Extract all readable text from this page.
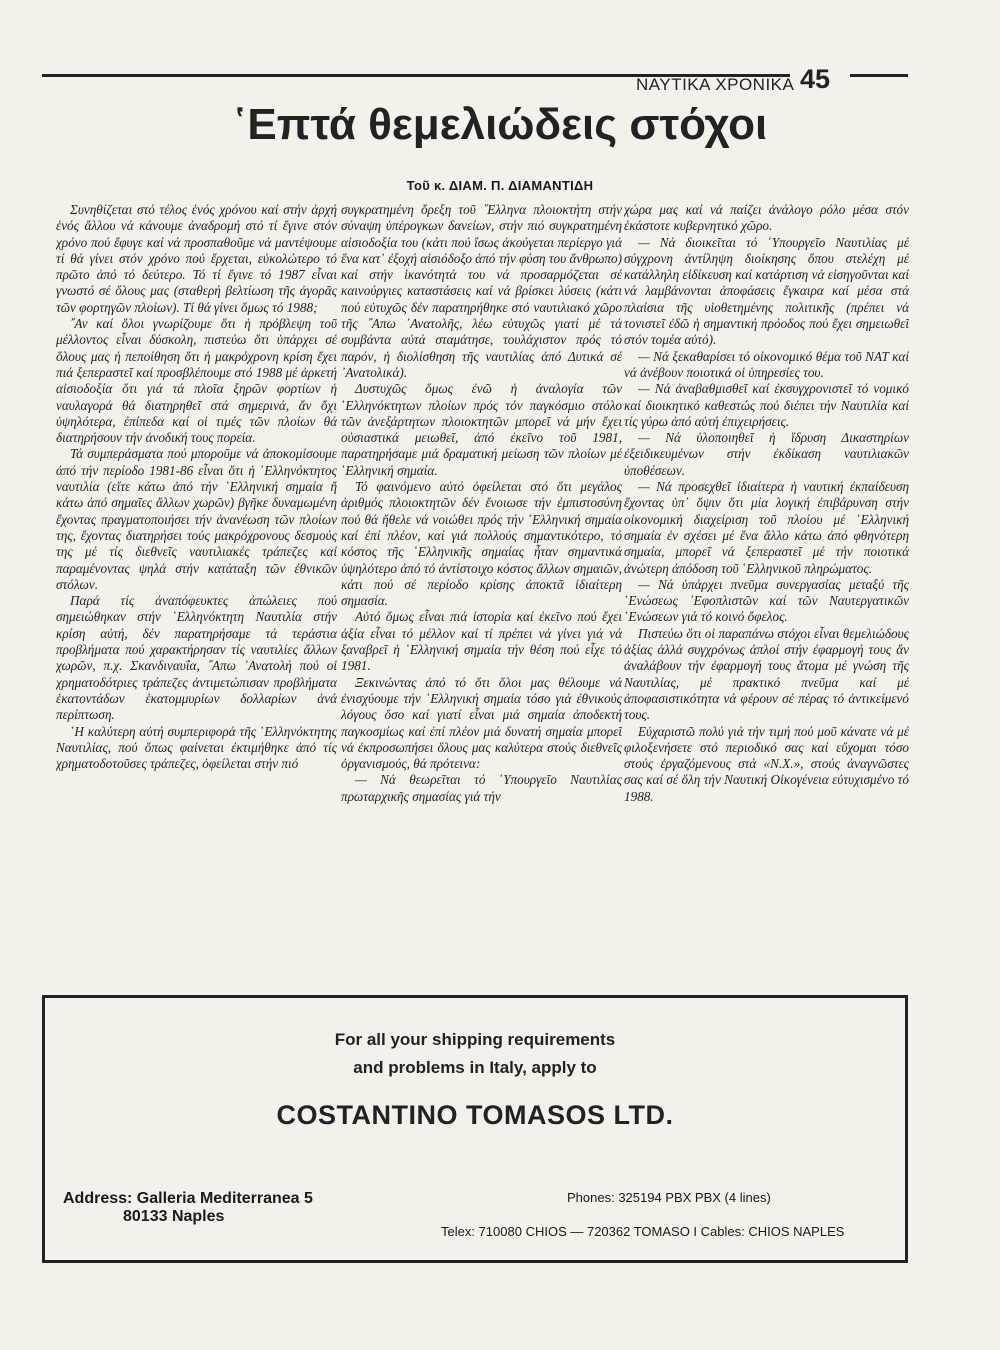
ΝΑΥΤΙΚΑ ΧΡΟΝΙΚΑ 45
῾Επτά θεμελιώδεις στόχοι
Τοῦ κ. ΔΙΑΜ. Π. ΔΙΑΜΑΝΤΙΔΗ

Συνηθίζεται στό τέλος ἑνός χρόνου καί στήν ἀρχή ἑνός ἄλλου νά κάνουμε ἀναδρομή στό τί ἔγινε στόν χρόνο πού ἔφυγε καί νά προσπαθοῦμε νά μαντέψουμε τί θά γίνει στόν χρόνο πού ἔρχεται, εὐκολώτερο τό πρῶτο ἀπό τό δεύτερο. Τό τί ἔγινε τό 1987 εἶναι γνωστό σέ ὅλους μας (σταθερή βελτίωση τῆς ἀγορᾶς τῶν φορτηγῶν πλοίων). Τί θά γίνει ὅμως τό 1988;

῎Αν καί ὅλοι γνωρίζουμε ὅτι ἡ πρόβλεψη τοῦ μέλλοντος εἶναι δύσκολη, πιστεύω ὅτι ὑπάρχει σέ ὅλους μας ἡ πεποίθηση ὅτι ἡ μακρόχρονη κρίση ἔχει πιά ξεπεραστεῖ καί προσβλέπουμε στό 1988 μέ ἀρκετή αἰσιοδοξία ὅτι γιά τά πλοῖα ξηρῶν φορτίων ἡ ναυλαγορά θά διατηρηθεῖ στά σημερινά, ἄν ὄχι ὑψηλότερα, ἐπίπεδα καί οἱ τιμές τῶν πλοίων θά διατηρήσουν τήν ἀνοδική τους πορεία.

Τά συμπεράσματα πού μποροῦμε νά ἀποκομίσουμε ἀπό τήν περίοδο 1981-86 εἶναι ὅτι ἡ ῾Ελληνόκτητος ναυτιλία (εἴτε κάτω ἀπό τήν ῾Ελληνική σημαία ἤ κάτω ἀπό σημαῖες ἄλλων χωρῶν) βγῆκε δυναμωμένη ἔχοντας πραγματοποιήσει τήν ἀνανέωση τῶν πλοίων της, ἔχοντας διατηρήσει τούς μακρόχρονους δεσμούς της μέ τίς διεθνεῖς ναυτιλιακές τράπεζες καί παραμένοντας ψηλά στήν κατάταξη τῶν ἐθνικῶν στόλων.

Παρά τίς ἀναπόφευκτες ἀπώλειες πού σημειώθηκαν στήν ῾Ελληνόκτητη Ναυτιλία στήν κρίση αὐτή, δέν παρατηρήσαμε τά τεράστια προβλήματα πού χαρακτήρησαν τίς ναυτιλίες ἄλλων χωρῶν, π.χ. Σκανδιναυΐα, ῎Απω ᾿Ανατολή πού οἱ χρηματοδότριες τράπεζες ἀντιμετώπισαν προβλήματα ἑκατοντάδων ἑκατομμυρίων δολλαρίων ἀνά περίπτωση.

῾Η καλύτερη αὐτή συμπεριφορά τῆς ῾Ελληνόκτητης Ναυτιλίας, πού ὅπως φαίνεται ἐκτιμήθηκε ἀπό τίς χρηματοδοτοῦσες τράπεζες, ὀφείλεται στήν πιό

συγκρατημένη ὄρεξη τοῦ ῞Ελληνα πλοιοκτήτη στήν σύναψη ὑπέρογκων δανείων, στήν πιό συγκρατημένη αἰσιοδοξία του (κάτι πού ἴσως ἀκούγεται περίεργο γιά ἕνα κατ᾿ ἐξοχή αἰσιόδοξο ἀπό τήν φύση του ἄνθρωπο) καί στήν ἱκανότητά του νά προσαρμόζεται σέ καινούργιες καταστάσεις καί νά βρίσκει λύσεις (κάτι πού εὐτυχῶς δέν παρατηρήθηκε στό ναυτιλιακό χῶρο τῆς ῎Απω ᾿Ανατολῆς, λέω εὐτυχῶς γιατί μέ τά συμβάντα αὐτά σταμάτησε, τουλάχιστον πρός τό παρόν, ἡ διολίσθηση τῆς ναυτιλίας ἀπό Δυτικά σέ ᾿Ανατολικά).

Δυστυχῶς ὅμως ἐνῶ ἡ ἀναλογία τῶν ῾Ελληνόκτητων πλοίων πρός τόν παγκόσμιο στόλο τῶν ἀνεξάρτητων πλοιοκτητῶν μπορεῖ νά μήν ἔχει οὐσιαστικά μειωθεῖ, ἀπό ἐκεῖνο τοῦ 1981, παρατηρήσαμε μιά δραματική μείωση τῶν πλοίων μέ ῾Ελληνική σημαία.

Τό φαινόμενο αὐτό ὀφείλεται στό ὅτι μεγάλος ἀριθμός πλοιοκτητῶν δέν ἔνοιωσε τήν ἐμπιστοσύνη πού θά ἤθελε νά νοιώθει πρός τήν ῾Ελληνική σημαία καί ἐπί πλέον, καί γιά πολλούς σημαντικότερο, τό κόστος τῆς ῾Ελληνικῆς σημαίας ἦταν σημαντικά ὑψηλότερο ἀπό τό ἀντίστοιχο κόστος ἄλλων σημαιῶν, κάτι πού σέ περίοδο κρίσης ἀποκτᾶ ἰδιαίτερη σημασία.

Αὐτό ὅμως εἶναι πιά ἱστορία καί ἐκεῖνο πού ἔχει ἀξία εἶναι τό μέλλον καί τί πρέπει νά γίνει γιά νά ξαναβρεῖ ἡ ῾Ελληνική σημαία τήν θέση πού εἶχε τό 1981.

Ξεκινώντας ἀπό τό ὅτι ὅλοι μας θέλουμε νά ἐνισχύουμε τήν ῾Ελληνική σημαία τόσο γιά ἐθνικούς λόγους ὅσο καί γιατί εἶναι μιά σημαία ἀποδεκτή παγκοσμίως καί ἐπί πλέον μιά δυνατή σημαία μπορεῖ νά ἐκπροσωπήσει ὅλους μας καλύτερα στούς διεθνεῖς ὀργανισμούς, θά πρότεινα:

— Νά θεωρεῖται τό ῾Υπουργεῖο Ναυτιλίας πρωταρχικῆς σημασίας γιά τήν

χώρα μας καί νά παίζει ἀνάλογο ρόλο μέσα στόν ἑκάστοτε κυβερνητικό χῶρο.

— Νά διοικεῖται τό ῾Υπουργεῖο Ναυτιλίας μέ σύγχρονη ἀντίληψη διοίκησης ὅπου στελέχη μέ κατάλληλη εἰδίκευση καί κατάρτιση νά εἰσηγοῦνται καί νά λαμβάνονται ἀποφάσεις ἔγκαιρα καί μέσα στά πλαίσια τῆς υἱοθετημένης πολιτικῆς (πρέπει νά τονιστεῖ ἐδῶ ἡ σημαντική πρόοδος πού ἔχει σημειωθεῖ στόν τομέα αὐτό).

— Νά ξεκαθαρίσει τό οἰκονομικό θέμα τοῦ ΝΑΤ καί νά ἀνέβουν ποιοτικά οἱ ὑπηρεσίες του.

— Νά ἀναβαθμισθεῖ καί ἐκσυγχρονιστεῖ τό νομικό καί διοικητικό καθεστώς πού διέπει τήν Ναυτιλία καί τίς γύρω ἀπό αὐτή ἐπιχειρήσεις.

— Νά ὑλοποιηθεῖ ἡ ἵδρυση Δικαστηρίων ἐξειδικευμένων στήν ἐκδίκαση ναυτιλιακῶν ὑποθέσεων.

— Νά προσεχθεῖ ἰδιαίτερα ἡ ναυτική ἐκπαίδευση ἔχοντας ὑπ᾿ ὄψιν ὅτι μία λογική ἐπιβάρυνση στήν οἰκονομική διαχείριση τοῦ πλοίου μέ ῾Ελληνική σημαία ἐν σχέσει μέ ἕνα ἄλλο κάτω ἀπό φθηνότερη σημαία, μπορεῖ νά ξεπεραστεῖ μέ τήν ποιοτικά ἀνώτερη ἀπόδοση τοῦ ῾Ελληνικοῦ πληρώματος.

— Νά ὑπάρχει πνεῦμα συνεργασίας μεταξύ τῆς ῾Ενώσεως ᾿Εφοπλιστῶν καί τῶν Ναυτεργατικῶν ῾Ενώσεων γιά τό κοινό ὄφελος.

Πιστεύω ὅτι οἱ παραπάνω στόχοι εἶναι θεμελιώδους ἀξίας ἀλλά συγχρόνως ἁπλοί στήν ἐφαρμογή τους ἄν ἀναλάβουν τήν ἐφαρμογή τους ἄτομα μέ γνώση τῆς Ναυτιλίας, μέ πρακτικό πνεῦμα καί μέ ἀποφασιστικότητα νά φέρουν σέ πέρας τό ἀντικείμενό τους.

Εὐχαριστῶ πολύ γιά τήν τιμή πού μοῦ κάνατε νά μέ φιλοξενήσετε στό περιοδικό σας καί εὔχομαι τόσο στούς ἐργαζόμενους στά «Ν.Χ.», στούς ἀναγνῶστες σας καί σέ ὅλη τήν Ναυτική Οἰκογένεια εὐτυχισμένο τό 1988.

For all your shipping requirements
and problems in Italy, apply to
COSTANTINO TOMASOS LTD.
Address: Galleria Mediterranea 5
80133 Naples
Phones: 325194 PBX PBX (4 lines)
Telex: 710080 CHIOS — 720362 TOMASO I Cables: CHIOS NAPLES
